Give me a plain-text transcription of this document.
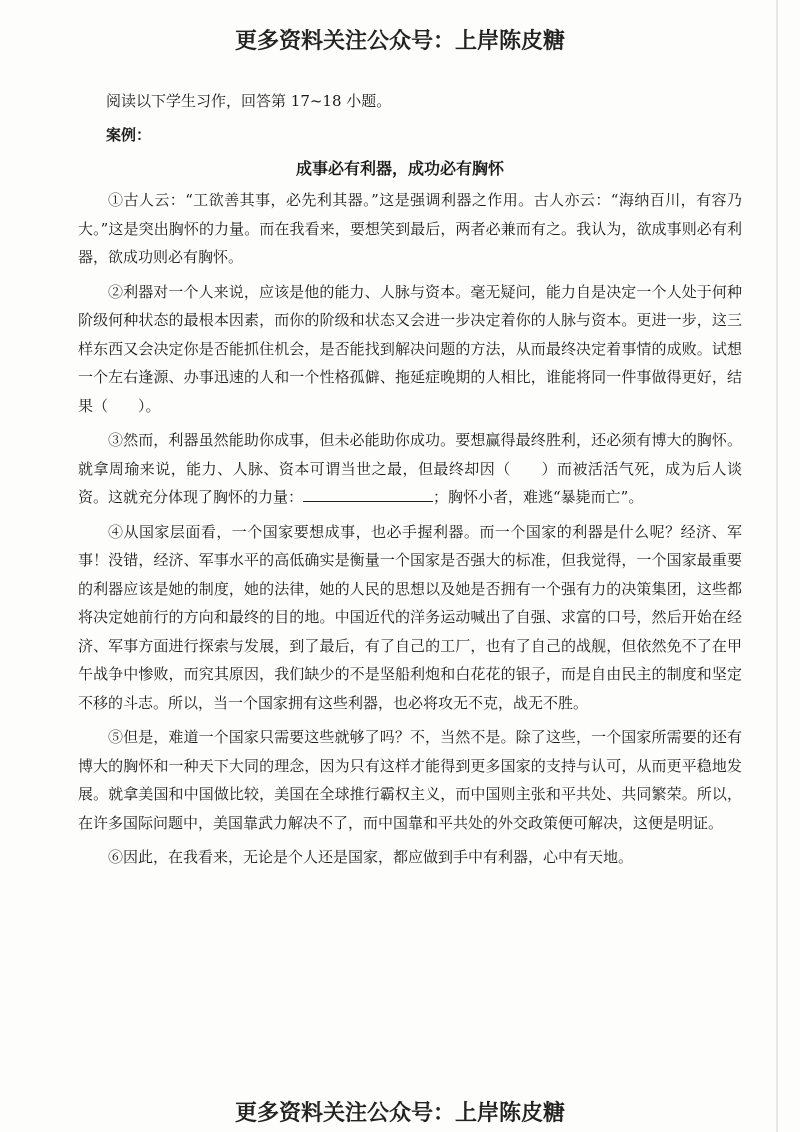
更多资料关注公众号：上岸陈皮糖
阅读以下学生习作，回答第 17~18 小题。
案例：
成事必有利器，成功必有胸怀

①古人云：“工欲善其事，必先利其器。”这是强调利器之作用。古人亦云：“海纳百川，有容乃大。”这是突出胸怀的力量。而在我看来，要想笑到最后，两者必兼而有之。我认为，欲成事则必有利器，欲成功则必有胸怀。

②利器对一个人来说，应该是他的能力、人脉与资本。毫无疑问，能力自是决定一个人处于何种阶级何种状态的最根本因素，而你的阶级和状态又会进一步决定着你的人脉与资本。更进一步，这三样东西又会决定你是否能抓住机会，是否能找到解决问题的方法，从而最终决定着事情的成败。试想一个左右逢源、办事迅速的人和一个性格孤僻、拖延症晚期的人相比，谁能将同一件事做得更好，结果（　　）。

③然而，利器虽然能助你成事，但未必能助你成功。要想赢得最终胜利，还必须有博大的胸怀。就拿周瑜来说，能力、人脉、资本可谓当世之最，但最终却因（　　）而被活活气死，成为后人谈资。这就充分体现了胸怀的力量：	；胸怀小者，难逃“暴毙而亡”。

④从国家层面看，一个国家要想成事，也必手握利器。而一个国家的利器是什么呢？经济、军事！没错，经济、军事水平的高低确实是衡量一个国家是否强大的标准，但我觉得，一个国家最重要的利器应该是她的制度，她的法律，她的人民的思想以及她是否拥有一个强有力的决策集团，这些都将决定她前行的方向和最终的目的地。中国近代的洋务运动喊出了自强、求富的口号，然后开始在经济、军事方面进行探索与发展，到了最后，有了自己的工厂，也有了自己的战舰，但依然免不了在甲午战争中惨败，而究其原因，我们缺少的不是坚船利炮和白花花的银子，而是自由民主的制度和坚定不移的斗志。所以，当一个国家拥有这些利器，也必将攻无不克，战无不胜。

⑤但是，难道一个国家只需要这些就够了吗？不，当然不是。除了这些，一个国家所需要的还有博大的胸怀和一种天下大同的理念，因为只有这样才能得到更多国家的支持与认可，从而更平稳地发展。就拿美国和中国做比较，美国在全球推行霸权主义，而中国则主张和平共处、共同繁荣。所以，在许多国际问题中，美国靠武力解决不了，而中国靠和平共处的外交政策便可解决，这便是明证。

⑥因此，在我看来，无论是个人还是国家，都应做到手中有利器，心中有天地。

更多资料关注公众号：上岸陈皮糖
